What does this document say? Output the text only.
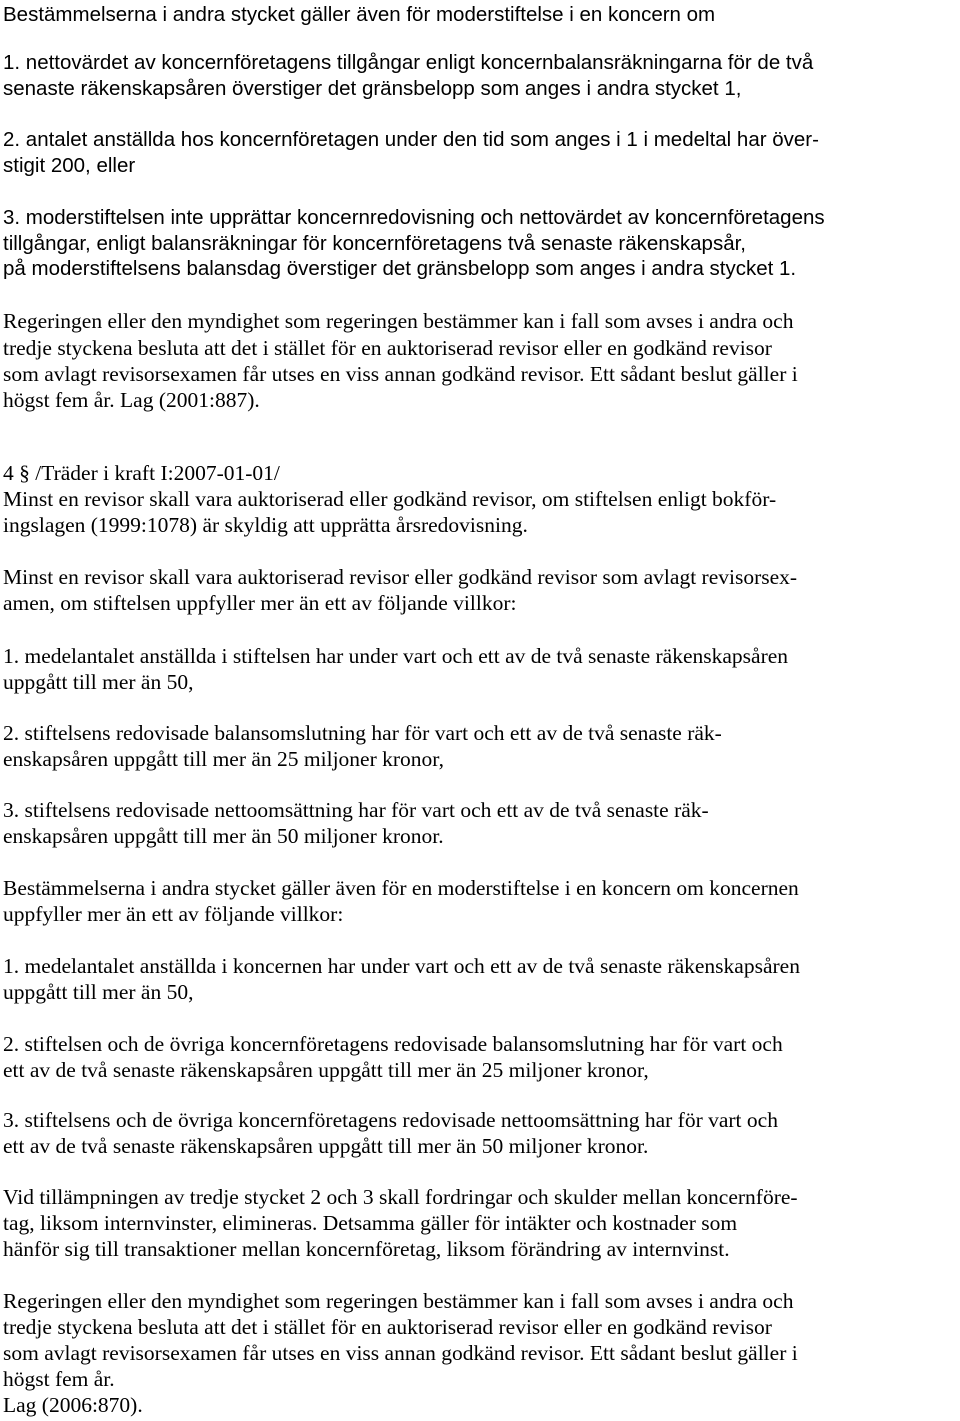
Bestämmelserna i andra stycket gäller även för moderstiftelse i en koncern om
1. nettovärdet av koncernföretagens tillgångar enligt koncernbalansräkningarna för de två
senaste räkenskapsåren överstiger det gränsbelopp som anges i andra stycket 1,
2. antalet anställda hos koncernföretagen under den tid som anges i 1 i medeltal har över-
stigit 200, eller
3. moderstiftelsen inte upprättar koncernredovisning och nettovärdet av koncernföretagens
tillgångar, enligt balansräkningar för koncernföretagens två senaste räkenskapsår,
på moderstiftelsens balansdag överstiger det gränsbelopp som anges i andra stycket 1.
Regeringen eller den myndighet som regeringen bestämmer kan i fall som avses i andra och
tredje styckena besluta att det i stället för en auktoriserad revisor eller en godkänd revisor
som avlagt revisorsexamen får utses en viss annan godkänd revisor. Ett sådant beslut gäller i
högst fem år. Lag (2001:887).
4 § /Träder i kraft I:2007-01-01/
Minst en revisor skall vara auktoriserad eller godkänd revisor, om stiftelsen enligt bokför-
ingslagen (1999:1078) är skyldig att upprätta årsredovisning.
Minst en revisor skall vara auktoriserad revisor eller godkänd revisor som avlagt revisorsex-
amen, om stiftelsen uppfyller mer än ett av följande villkor:
1. medelantalet anställda i stiftelsen har under vart och ett av de två senaste räkenskapsåren
uppgått till mer än 50,
2. stiftelsens redovisade balansomslutning har för vart och ett av de två senaste räk-
enskapsåren uppgått till mer än 25 miljoner kronor,
3. stiftelsens redovisade nettoomsättning har för vart och ett av de två senaste räk-
enskapsåren uppgått till mer än 50 miljoner kronor.
Bestämmelserna i andra stycket gäller även för en moderstiftelse i en koncern om koncernen
uppfyller mer än ett av följande villkor:
1. medelantalet anställda i koncernen har under vart och ett av de två senaste räkenskapsåren
uppgått till mer än 50,
2. stiftelsen och de övriga koncernföretagens redovisade balansomslutning har för vart och
ett av de två senaste räkenskapsåren uppgått till mer än 25 miljoner kronor,
3. stiftelsens och de övriga koncernföretagens redovisade nettoomsättning har för vart och
ett av de två senaste räkenskapsåren uppgått till mer än 50 miljoner kronor.
Vid tillämpningen av tredje stycket 2 och 3 skall fordringar och skulder mellan koncernföre-
tag, liksom internvinster, elimineras. Detsamma gäller för intäkter och kostnader som
hänför sig till transaktioner mellan koncernföretag, liksom förändring av internvinst.
Regeringen eller den myndighet som regeringen bestämmer kan i fall som avses i andra och
tredje styckena besluta att det i stället för en auktoriserad revisor eller en godkänd revisor
som avlagt revisorsexamen får utses en viss annan godkänd revisor. Ett sådant beslut gäller i
högst fem år.
Lag (2006:870).
